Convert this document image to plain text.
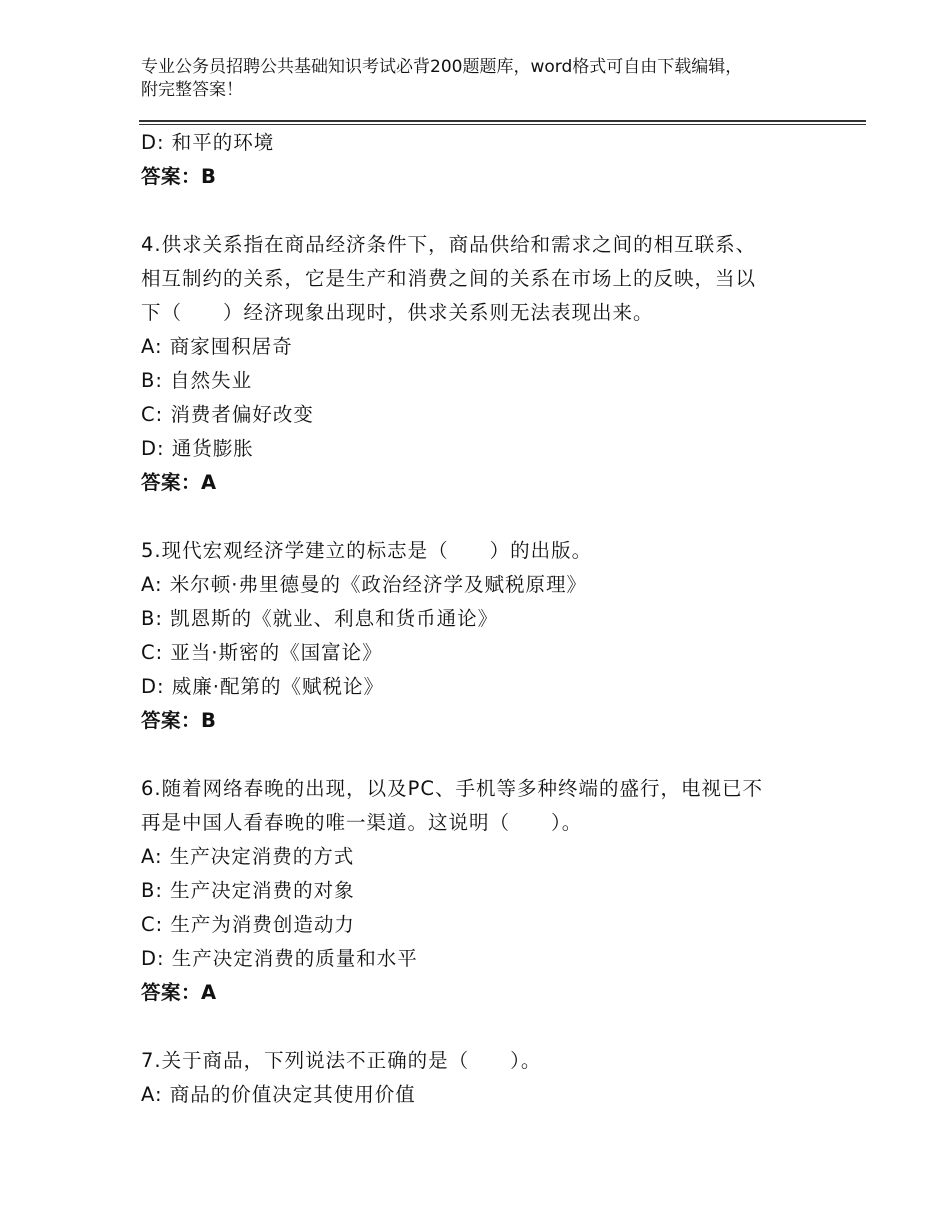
专业公务员招聘公共基础知识考试必背200题题库，word格式可自由下载编辑，
附完整答案！
D: 和平的环境
答案：B
4.供求关系指在商品经济条件下，商品供给和需求之间的相互联系、
相互制约的关系，它是生产和消费之间的关系在市场上的反映，当以
下（　　）经济现象出现时，供求关系则无法表现出来。
A: 商家囤积居奇
B: 自然失业
C: 消费者偏好改变
D: 通货膨胀
答案：A
5.现代宏观经济学建立的标志是（　　）的出版。
A: 米尔顿·弗里德曼的《政治经济学及赋税原理》
B: 凯恩斯的《就业、利息和货币通论》
C: 亚当·斯密的《国富论》
D: 威廉·配第的《赋税论》
答案：B
6.随着网络春晚的出现，以及PC、手机等多种终端的盛行，电视已不
再是中国人看春晚的唯一渠道。这说明（　　）。
A: 生产决定消费的方式
B: 生产决定消费的对象
C: 生产为消费创造动力
D: 生产决定消费的质量和水平
答案：A
7.关于商品，下列说法不正确的是（　　）。
A: 商品的价值决定其使用价值
